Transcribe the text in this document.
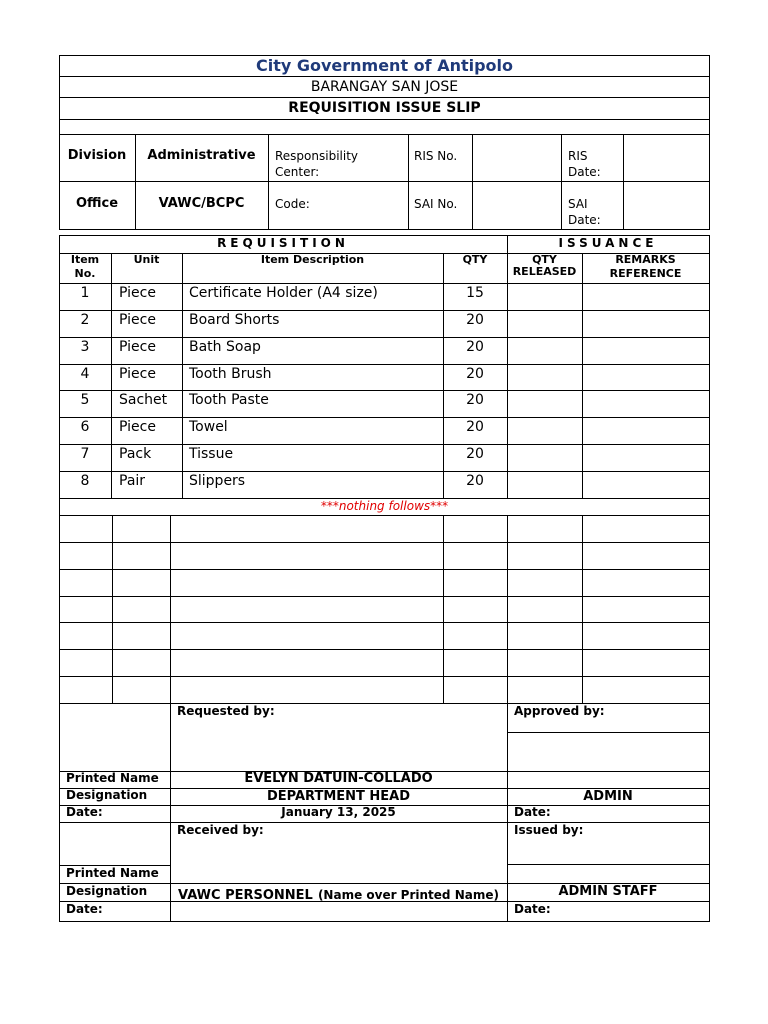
City Government of Antipolo
BARANGAY SAN JOSE
REQUISITION ISSUE SLIP
Division	Administrative	Responsibility
Center:
RIS No.	RIS
Date:
Office	VAWC/BCPC	Code:	SAI No.	SAI
Date:
REQUISITION	ISSUANCE
Item
No.
Unit	Item Description	QTY	QTY
RELEASED
REMARKS
REFERENCE
1	Piece Certificate Holder (A4 size)	15
2	Piece Board Shorts	20
3	Piece Bath Soap	20
4	Piece Tooth Brush	20
5	Sachet Tooth Paste	20
6	Piece Towel	20
7	Pack	Tissue	20
8	Pair	Slippers	20
***nothing follows***
Requested by:	Approved by:
Printed Name	EVELYN DATUIN-COLLADO
Designation	DEPARTMENT HEAD	ADMIN
Date:	January 13, 2025	Date:
Received by:	Issued by:
Printed Name
Designation	VAWC PERSONNEL (Name over Printed Name)	ADMIN STAFF
Date:	Date:
